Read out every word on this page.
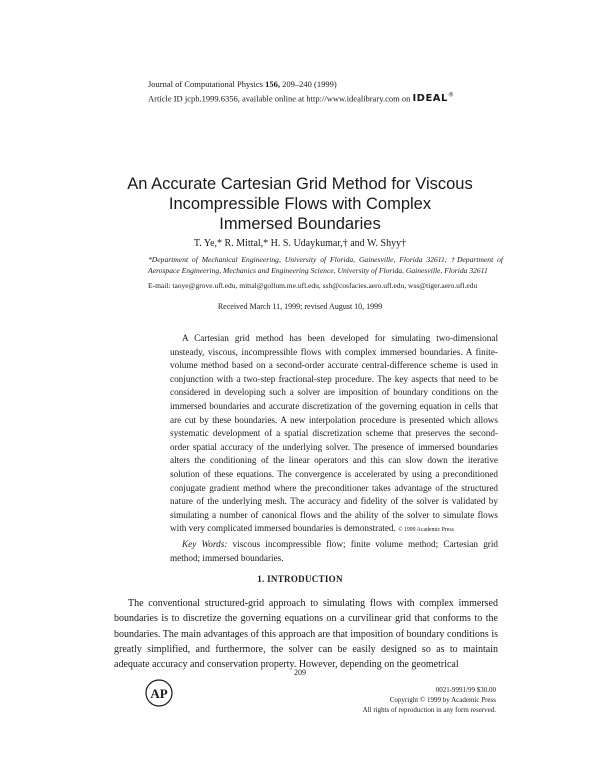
Journal of Computational Physics 156, 209–240 (1999)
Article ID jcph.1999.6356, available online at http://www.idealibrary.com on IDEAL®
An Accurate Cartesian Grid Method for Viscous
Incompressible Flows with Complex
Immersed Boundaries
T. Ye,* R. Mittal,* H. S. Udaykumar,† and W. Shyy†
*Department of Mechanical Engineering, University of Florida, Gainesville, Florida 32611; †Department of Aerospace Engineering, Mechanics and Engineering Science, University of Florida, Gainesville, Florida 32611
E-mail: taoye@grove.ufl.edu, mittal@gollum.me.ufl.edu, ssh@cosfacies.aero.ufl.edu, wss@tiger.aero.ufl.edu
Received March 11, 1999; revised August 10, 1999

A Cartesian grid method has been developed for simulating two-dimensional unsteady, viscous, incompressible flows with complex immersed boundaries. A finite-volume method based on a second-order accurate central-difference scheme is used in conjunction with a two-step fractional-step procedure. The key aspects that need to be considered in developing such a solver are imposition of boundary conditions on the immersed boundaries and accurate discretization of the governing equation in cells that are cut by these boundaries. A new interpolation procedure is presented which allows systematic development of a spatial discretization scheme that preserves the second-order spatial accuracy of the underlying solver. The presence of immersed boundaries alters the conditioning of the linear operators and this can slow down the iterative solution of these equations. The convergence is accelerated by using a preconditioned conjugate gradient method where the preconditioner takes advantage of the structured nature of the underlying mesh. The accuracy and fidelity of the solver is validated by simulating a number of canonical flows and the ability of the solver to simulate flows with very complicated immersed boundaries is demonstrated. © 1999 Academic Press

Key Words: viscous incompressible flow; finite volume method; Cartesian grid method; immersed boundaries.

1. INTRODUCTION

The conventional structured-grid approach to simulating flows with complex immersed boundaries is to discretize the governing equations on a curvilinear grid that conforms to the boundaries. The main advantages of this approach are that imposition of boundary conditions is greatly simplified, and furthermore, the solver can be easily designed so as to maintain adequate accuracy and conservation property. However, depending on the geometrical

209
AP	0021-9991/99 $30.00
Copyright © 1999 by Academic Press
All rights of reproduction in any form reserved.
